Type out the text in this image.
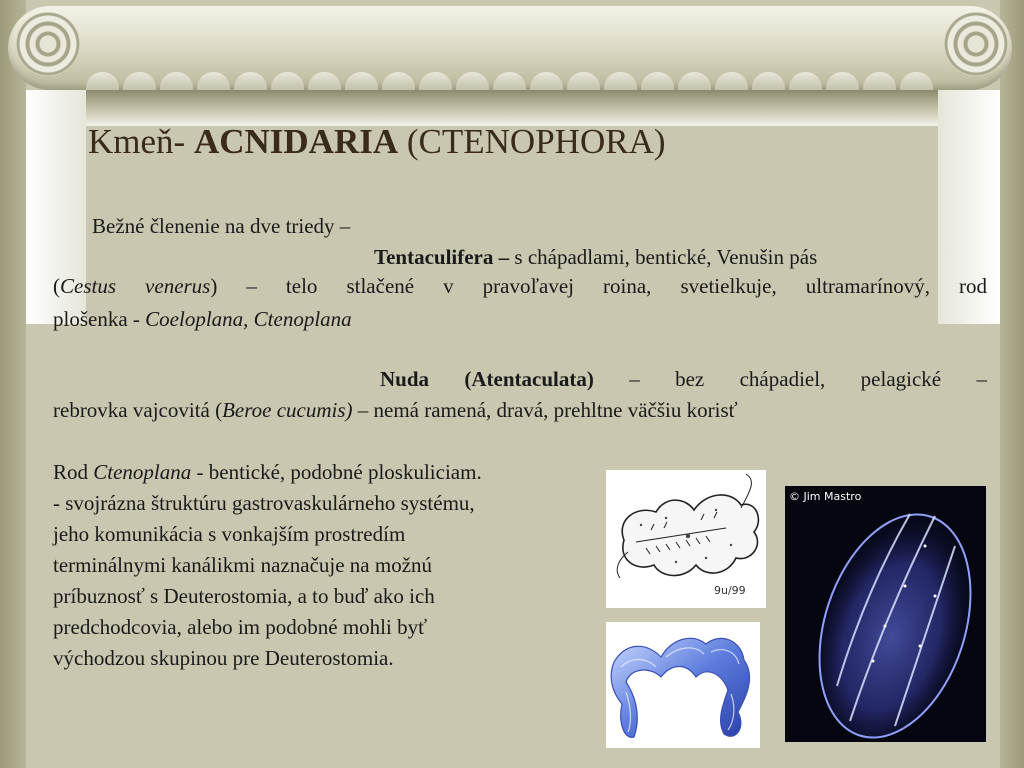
Kmeň- ACNIDARIA (CTENOPHORA)
Bežné členenie na dve triedy –
Tentaculifera – s chápadlami, bentické, Venušin pás
(Cestus venerus) – telo stlačené v pravoľavej roina, svetielkuje, ultramarínový, rod
plošenka - Coeloplana, Ctenoplana
Nuda (Atentaculata) – bez chápadiel, pelagické –
rebrovka vajcovitá (Beroe cucumis) – nemá ramená, dravá, prehltne väčšiu korisť
Rod Ctenoplana - bentické, podobné ploskuliciam.
- svojrázna štruktúru gastrovaskulárneho systému,
jeho komunikácia s vonkajším prostredím
terminálnymi kanálikmi naznačuje na možnú
príbuznosť s Deuterostomia, a to buď ako ich
predchodcovia, alebo im podobné mohli byť
východzou skupinou pre Deuterostomia.
9u/99
© Jim Mastro
